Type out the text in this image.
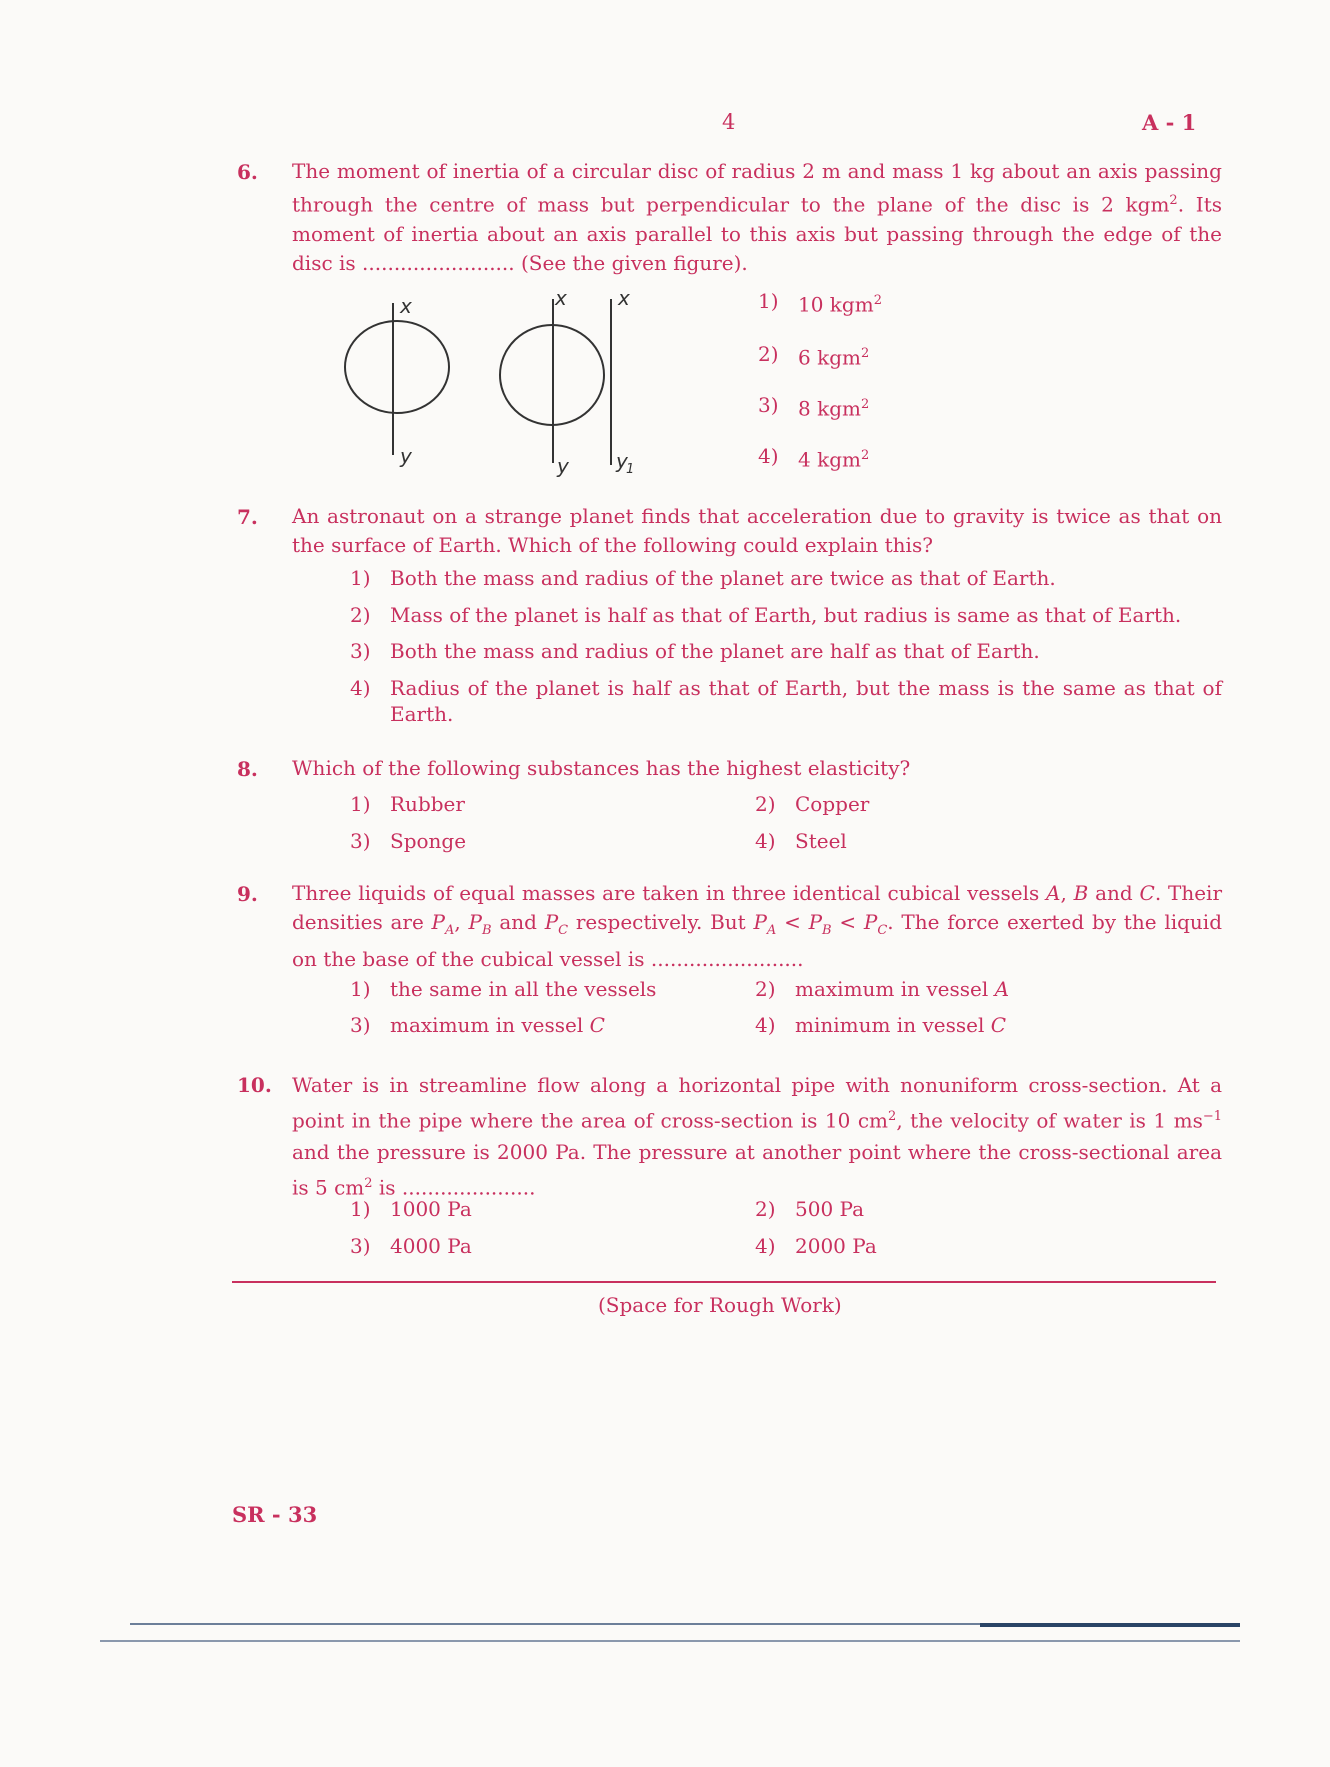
4	A - 1
6. The moment of inertia of a circular disc of radius 2 m and mass 1 kg about an axis passing through the centre of mass but perpendicular to the plane of the disc is 2 kgm$^2$. Its moment of inertia about an axis parallel to this axis but passing through the edge of the disc is ........................ (See the given figure).
x	x	x
y	y y
1
1) 10 kgm$^2$
2) 6 kgm$^2$
3) 8 kgm$^2$
4) 4 kgm$^2$
7. An astronaut on a strange planet finds that acceleration due to gravity is twice as that on the surface of Earth. Which of the following could explain this?
1) Both the mass and radius of the planet are twice as that of Earth.
2) Mass of the planet is half as that of Earth, but radius is same as that of Earth.
3) Both the mass and radius of the planet are half as that of Earth.
4) Radius of the planet is half as that of Earth, but the mass is the same as that of Earth.
8. Which of the following substances has the highest elasticity?
1) Rubber	2) Copper
3) Sponge	4) Steel
9. Three liquids of equal masses are taken in three identical cubical vessels A, B and C. Their densities are $P_A$, $P_B$ and $P_C$ respectively. But $P_A < P_B < P_C$. The force exerted by the liquid on the base of the cubical vessel is ........................
1) the same in all the vessels	2) maximum in vessel A
3) maximum in vessel C	4) minimum in vessel C
10. Water is in streamline flow along a horizontal pipe with nonuniform cross-section. At a point in the pipe where the area of cross-section is 10 $cm^2$, the velocity of water is 1 $ms^{-1}$ and the pressure is 2000 Pa. The pressure at another point where the cross-sectional area is 5 $cm^2$ is .....................
1) 1000 Pa	2) 500 Pa
3) 4000 Pa	4) 2000 Pa
(Space for Rough Work)
SR - 33
